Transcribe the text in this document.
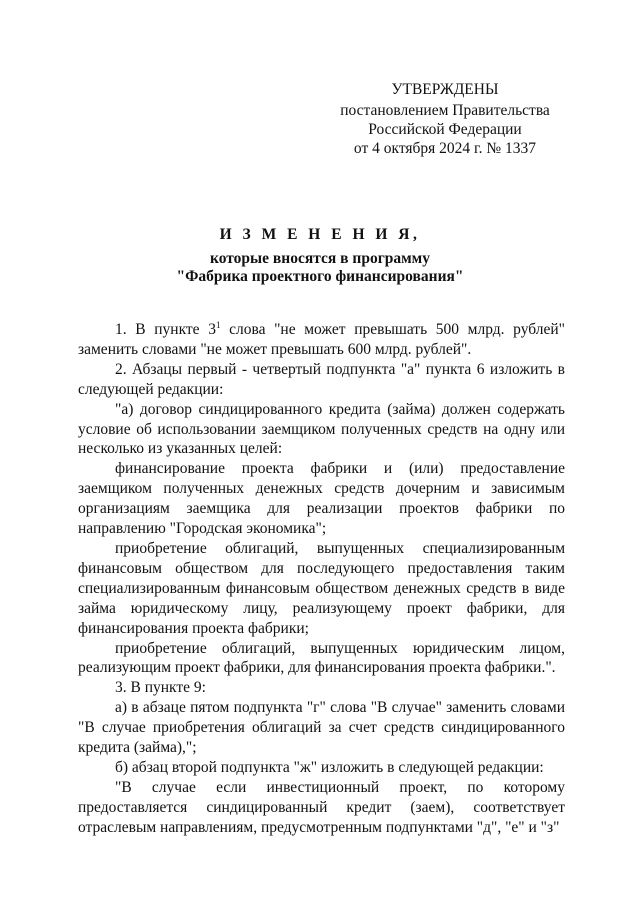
УТВЕРЖДЕНЫ
постановлением Правительства
Российской Федерации
от 4 октября 2024 г. № 1337
И З М Е Н Е Н И Я,
которые вносятся в программу
"Фабрика проектного финансирования"

1. В пункте $3^1$ слова "не может превышать 500 млрд. рублей" заменить словами "не может превышать 600 млрд. рублей".

2. Абзацы первый - четвертый подпункта "а" пункта 6 изложить в следующей редакции:

"а) договор синдицированного кредита (займа) должен содержать условие об использовании заемщиком полученных средств на одну или несколько из указанных целей:

финансирование проекта фабрики и (или) предоставление заемщиком полученных денежных средств дочерним и зависимым организациям заемщика для реализации проектов фабрики по направлению "Городская экономика";

приобретение облигаций, выпущенных специализированным финансовым обществом для последующего предоставления таким специализированным финансовым обществом денежных средств в виде займа юридическому лицу, реализующему проект фабрики, для финансирования проекта фабрики;

приобретение облигаций, выпущенных юридическим лицом, реализующим проект фабрики, для финансирования проекта фабрики.".

3. В пункте 9:

а) в абзаце пятом подпункта "г" слова "В случае" заменить словами "В случае приобретения облигаций за счет средств синдицированного кредита (займа),";

б) абзац второй подпункта "ж" изложить в следующей редакции:

"В случае если инвестиционный проект, по которому предоставляется синдицированный кредит (заем), соответствует отраслевым направлениям, предусмотренным подпунктами "д", "е" и "з"
